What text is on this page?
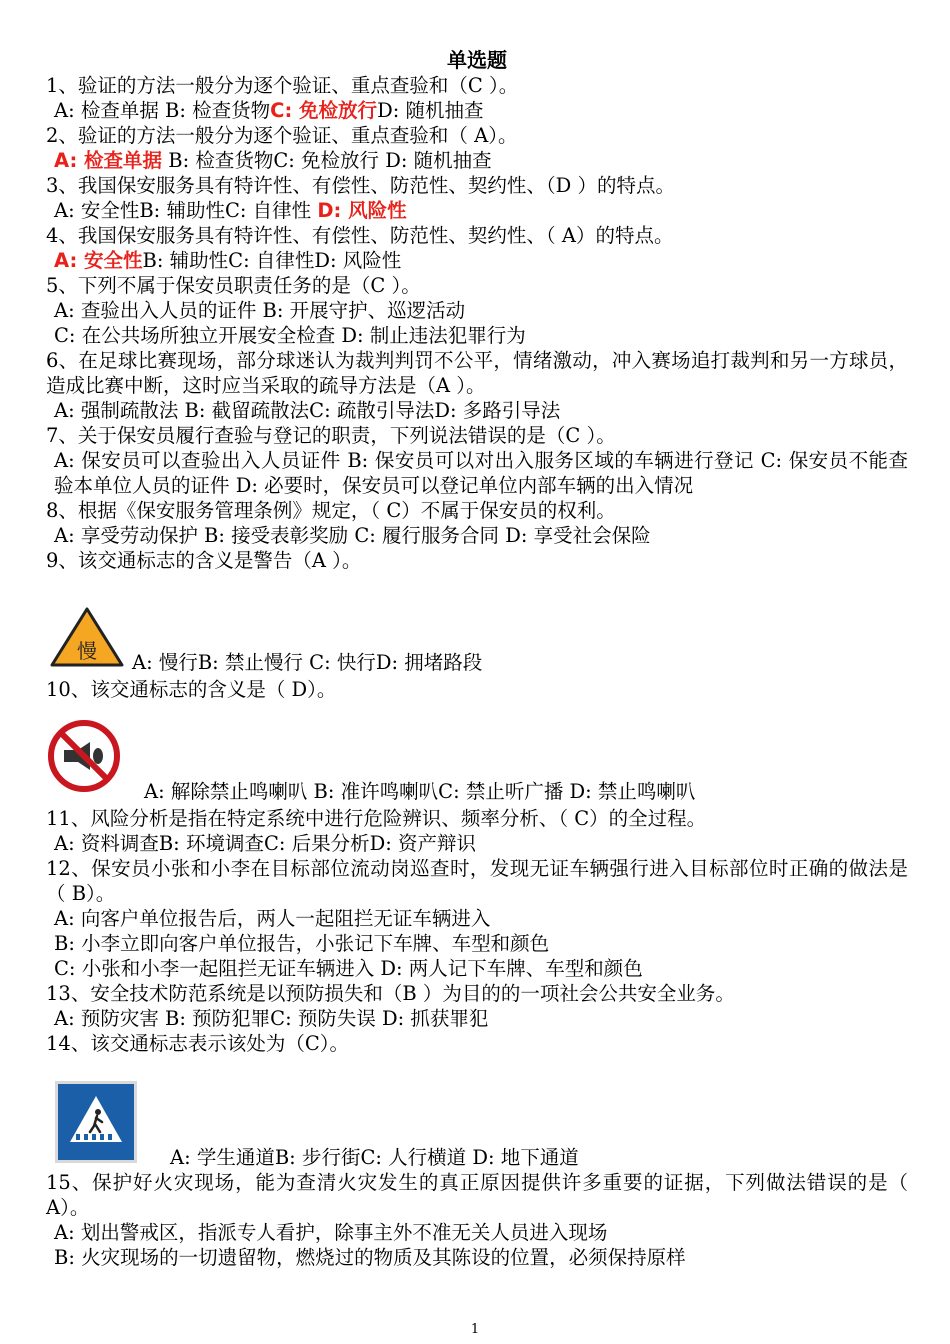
单选题
1、验证的方法一般分为逐个验证、重点查验和（C ）。
A: 检查单据 B: 检查货物C: 免检放行D: 随机抽查
2、验证的方法一般分为逐个验证、重点查验和（ A）。
A: 检查单据 B: 检查货物C: 免检放行 D: 随机抽查
3、我国保安服务具有特许性、有偿性、防范性、契约性、（D ）的特点。
A: 安全性B: 辅助性C: 自律性 D: 风险性
4、我国保安服务具有特许性、有偿性、防范性、契约性、（ A）的特点。
A: 安全性B: 辅助性C: 自律性D: 风险性
5、下列不属于保安员职责任务的是（C ）。
A: 查验出入人员的证件 B: 开展守护、巡逻活动
C: 在公共场所独立开展安全检查 D: 制止违法犯罪行为
6、在足球比赛现场，部分球迷认为裁判判罚不公平，情绪激动，冲入赛场追打裁判和另一方球员，造成比赛中断，这时应当采取的疏导方法是（A ）。
A: 强制疏散法 B: 截留疏散法C: 疏散引导法D: 多路引导法
7、关于保安员履行查验与登记的职责，下列说法错误的是（C ）。
A: 保安员可以查验出入人员证件 B: 保安员可以对出入服务区域的车辆进行登记 C: 保安员不能查验本单位人员的证件 D: 必要时，保安员可以登记单位内部车辆的出入情况
8、根据《保安服务管理条例》规定，（ C）不属于保安员的权利。
A: 享受劳动保护 B: 接受表彰奖励 C: 履行服务合同 D: 享受社会保险
9、该交通标志的含义是警告（A ）。
慢 A: 慢行B: 禁止慢行 C: 快行D: 拥堵路段
10、该交通标志的含义是（ D）。
A: 解除禁止鸣喇叭 B: 准许鸣喇叭C: 禁止听广播 D: 禁止鸣喇叭
11、风险分析是指在特定系统中进行危险辨识、频率分析、（ C）的全过程。
A: 资料调查B: 环境调查C: 后果分析D: 资产辩识
12、保安员小张和小李在目标部位流动岗巡查时，发现无证车辆强行进入目标部位时正确的做法是（ B）。
A: 向客户单位报告后，两人一起阻拦无证车辆进入
B: 小李立即向客户单位报告，小张记下车牌、车型和颜色
C: 小张和小李一起阻拦无证车辆进入 D: 两人记下车牌、车型和颜色
13、安全技术防范系统是以预防损失和（B ）为目的的一项社会公共安全业务。
A: 预防灾害 B: 预防犯罪C: 预防失误 D: 抓获罪犯
14、该交通标志表示该处为（C）。
A: 学生通道B: 步行街C: 人行横道 D: 地下通道
15、保护好火灾现场，能为查清火灾发生的真正原因提供许多重要的证据，下列做法错误的是（ A）。
A: 划出警戒区，指派专人看护，除事主外不准无关人员进入现场
B: 火灾现场的一切遗留物，燃烧过的物质及其陈设的位置，必须保持原样
1
